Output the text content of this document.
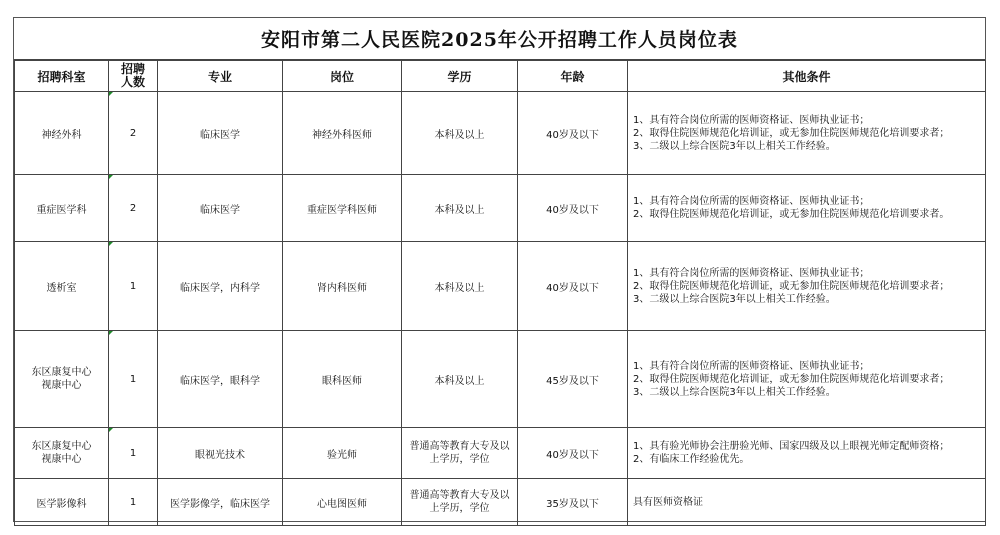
安阳市第二人民医院2025年公开招聘工作人员岗位表
招聘科室	招聘人数	专业	岗位	学历	年龄	其他条件
神经外科	2	临床医学	神经外科医师	本科及以上	40岁及以下	1、具有符合岗位所需的医师资格证、医师执业证书；
2、取得住院医师规范化培训证，或无参加住院医师规范化培训要求者；
3、二级以上综合医院3年以上相关工作经验。

重症医学科	2	临床医学	重症医学科医师	本科及以上	40岁及以下	1、具有符合岗位所需的医师资格证、医师执业证书；
2、取得住院医师规范化培训证，或无参加住院医师规范化培训要求者。

透析室	1	临床医学，内科学	肾内科医师	本科及以上	40岁及以下	1、具有符合岗位所需的医师资格证、医师执业证书；
2、取得住院医师规范化培训证，或无参加住院医师规范化培训要求者；
3、二级以上综合医院3年以上相关工作经验。

东区康复中心视康中心	1	临床医学，眼科学	眼科医师	本科及以上	45岁及以下	1、具有符合岗位所需的医师资格证、医师执业证书；
2、取得住院医师规范化培训证，或无参加住院医师规范化培训要求者；
3、二级以上综合医院3年以上相关工作经验。

东区康复中心视康中心	1	眼视光技术	验光师	普通高等教育大专及以上学历，学位	40岁及以下	1、具有验光师协会注册验光师、国家四级及以上眼视光师定配师资格；
2、有临床工作经验优先。

医学影像科	1	医学影像学，临床医学	心电图医师	普通高等教育大专及以上学历，学位	35岁及以下	具有医师资格证
